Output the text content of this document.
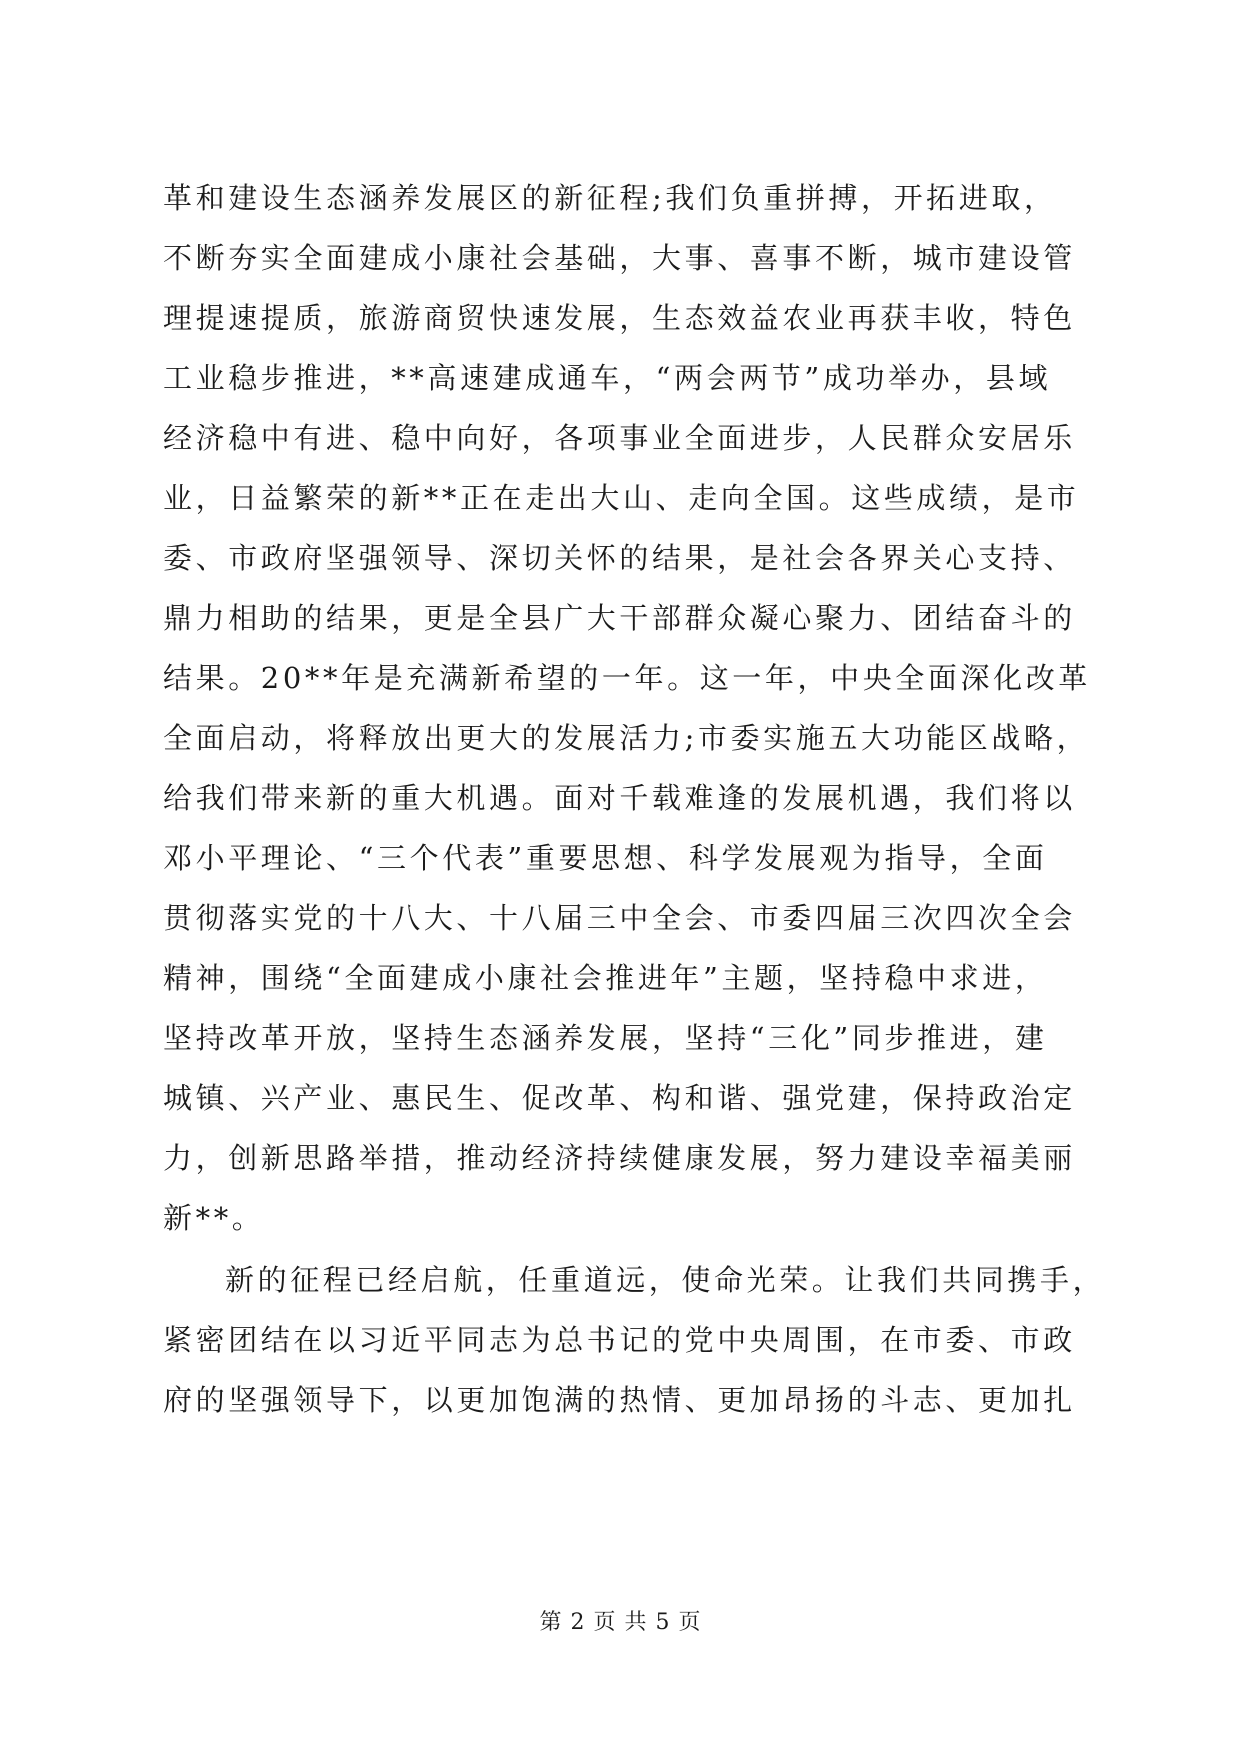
革和建设生态涵养发展区的新征程;我们负重拼搏，开拓进取，
不断夯实全面建成小康社会基础，大事、喜事不断，城市建设管
理提速提质，旅游商贸快速发展，生态效益农业再获丰收，特色
工业稳步推进，**高速建成通车，“两会两节”成功举办，县域
经济稳中有进、稳中向好，各项事业全面进步，人民群众安居乐
业，日益繁荣的新**正在走出大山、走向全国。这些成绩，是市
委、市政府坚强领导、深切关怀的结果，是社会各界关心支持、
鼎力相助的结果，更是全县广大干部群众凝心聚力、团结奋斗的
结果。20**年是充满新希望的一年。这一年，中央全面深化改革
全面启动，将释放出更大的发展活力;市委实施五大功能区战略，
给我们带来新的重大机遇。面对千载难逢的发展机遇，我们将以
邓小平理论、“三个代表”重要思想、科学发展观为指导，全面
贯彻落实党的十八大、十八届三中全会、市委四届三次四次全会
精神，围绕“全面建成小康社会推进年”主题，坚持稳中求进，
坚持改革开放，坚持生态涵养发展，坚持“三化”同步推进，建
城镇、兴产业、惠民生、促改革、构和谐、强党建，保持政治定
力，创新思路举措，推动经济持续健康发展，努力建设幸福美丽
新**。
新的征程已经启航，任重道远，使命光荣。让我们共同携手，
紧密团结在以习近平同志为总书记的党中央周围，在市委、市政
府的坚强领导下，以更加饱满的热情、更加昂扬的斗志、更加扎
第 2 页 共 5 页
